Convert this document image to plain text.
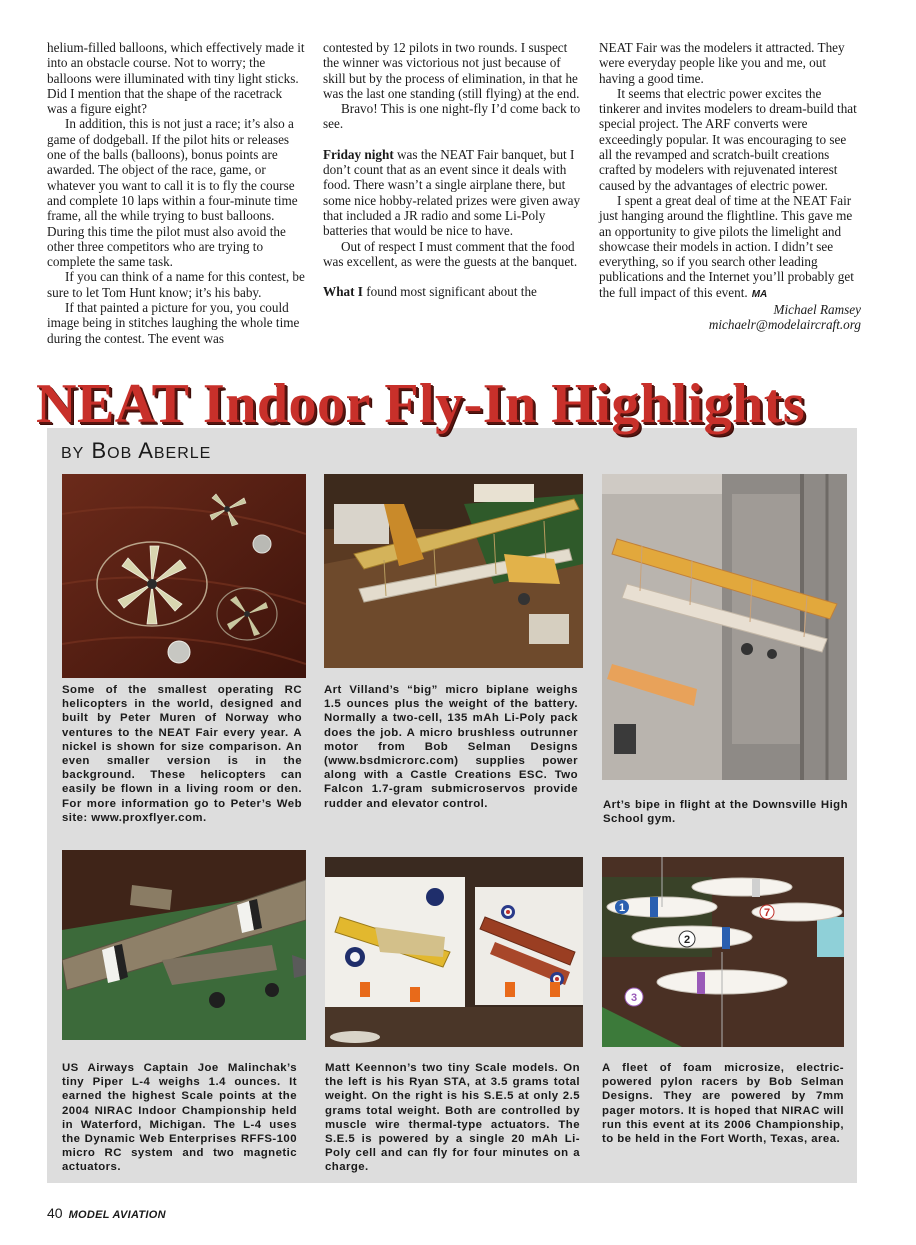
helium-filled balloons, which effectively made it into an obstacle course. Not to worry; the balloons were illuminated with tiny light sticks. Did I mention that the shape of the racetrack was a figure eight?

In addition, this is not just a race; it’s also a game of dodgeball. If the pilot hits or releases one of the balls (balloons), bonus points are awarded. The object of the race, game, or whatever you want to call it is to fly the course and complete 10 laps within a four-minute time frame, all the while trying to bust balloons. During this time the pilot must also avoid the other three competitors who are trying to complete the same task.

If you can think of a name for this contest, be sure to let Tom Hunt know; it’s his baby.

If that painted a picture for you, you could image being in stitches laughing the whole time during the contest. The event was

contested by 12 pilots in two rounds. I suspect the winner was victorious not just because of skill but by the process of elimination, in that he was the last one standing (still flying) at the end.

Bravo! This is one night-fly I’d come back to see.

Friday night was the NEAT Fair banquet, but I don’t count that as an event since it deals with food. There wasn’t a single airplane there, but some nice hobby-related prizes were given away that included a JR radio and some Li-Poly batteries that would be nice to have.

Out of respect I must comment that the food was excellent, as were the guests at the banquet.

What I found most significant about the

NEAT Fair was the modelers it attracted. They were everyday people like you and me, out having a good time.

It seems that electric power excites the tinkerer and invites modelers to dream-build that special project. The ARF converts were exceedingly popular. It was encouraging to see all the revamped and scratch-built creations crafted by modelers with rejuvenated interest caused by the advantages of electric power.

I spent a great deal of time at the NEAT Fair just hanging around the flightline. This gave me an opportunity to give pilots the limelight and showcase their models in action. I didn’t see everything, so if you search other leading publications and the Internet you’ll probably get the full impact of this event. MA

Michael Ramsey
michaelr@modelaircraft.org
NEAT Indoor Fly-In Highlights
BY BOB ABERLE
Some of the smallest operating RC helicopters in the world, designed and built by Peter Muren of Norway who ventures to the NEAT Fair every year. A nickel is shown for size comparison. An even smaller version is in the background. These helicopters can easily be flown in a living room or den. For more information go to Peter’s Web site: www.proxflyer.com.
Art Villand’s “big” micro biplane weighs 1.5 ounces plus the weight of the battery. Normally a two-cell, 135 mAh Li-Poly pack does the job. A micro brushless outrunner motor from Bob Selman Designs (www.bsdmicrorc.com) supplies power along with a Castle Creations ESC. Two Falcon 1.7-gram submicroservos provide rudder and elevator control.	Art’s bipe in flight at the Downsville High School gym.
1
2
3
7
US Airways Captain Joe Malinchak’s tiny Piper L-4 weighs 1.4 ounces. It earned the highest Scale points at the 2004 NIRAC Indoor Championship held in Waterford, Michigan. The L-4 uses the Dynamic Web Enterprises RFFS-100 micro RC system and two magnetic actuators.
Matt Keennon’s two tiny Scale models. On the left is his Ryan STA, at 3.5 grams total weight. On the right is his S.E.5 at only 2.5 grams total weight. Both are controlled by muscle wire thermal-type actuators. The S.E.5 is powered by a single 20 mAh Li-Poly cell and can fly for four minutes on a charge.
A fleet of foam microsize, electric-powered pylon racers by Bob Selman Designs. They are powered by 7mm pager motors. It is hoped that NIRAC will run this event at its 2006 Championship, to be held in the Fort Worth, Texas, area.
40 MODEL AVIATION
